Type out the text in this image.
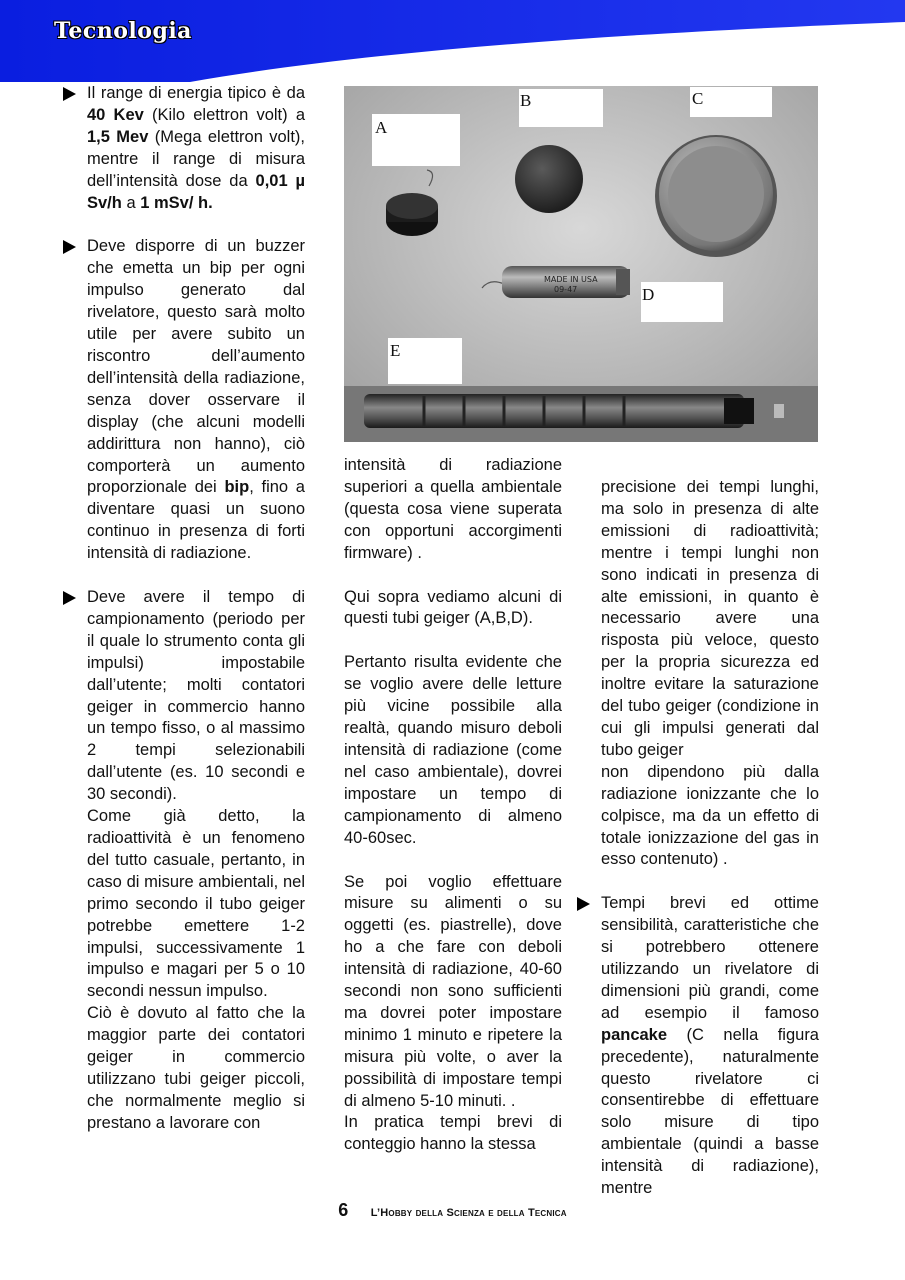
Tecnologia
Il range di energia tipico è da 40 Kev (Kilo elettron volt) a 1,5 Mev (Mega elettron volt), mentre il range di misura dell’intensità dose da 0,01 µ Sv/h a 1 mSv/ h.
Deve disporre di un buzzer che emetta un bip per ogni impulso generato dal rivelatore, questo sarà molto utile per avere subito un riscontro dell’aumento dell’intensità della radiazione, senza dover osservare il display (che alcuni modelli addirittura non hanno), ciò comporterà un aumento proporzionale dei bip, fino a diventare quasi un suono continuo in presenza di forti intensità di radiazione.

Deve avere il tempo di campionamento (periodo per il quale lo strumento conta gli impulsi) impostabile dall’utente; molti contatori geiger in commercio hanno un tempo fisso, o al massimo 2 tempi selezionabili dall’utente (es. 10 secondi e 30 secondi).

Come già detto, la radioattività è un fenomeno del tutto casuale, pertanto, in caso di misure ambientali, nel primo secondo il tubo geiger potrebbe emettere 1-2 impulsi, successivamente 1 impulso e magari per 5 o 10 secondi nessun impulso.

Ciò è dovuto al fatto che la maggior parte dei contatori geiger in commercio utilizzano tubi geiger piccoli, che normalmente meglio si prestano a lavorare con

A
B	C
D
E
MADE IN USA
09-47

intensità di radiazione superiori a quella ambientale (questa cosa viene superata con opportuni accorgimenti firmware) .

Qui sopra vediamo alcuni di questi tubi geiger (A,B,D).

Pertanto risulta evidente che se voglio avere delle letture più vicine possibile alla realtà, quando misuro deboli intensità di radiazione (come nel caso ambientale), dovrei impostare un tempo di campionamento di almeno 40-60sec.

Se poi voglio effettuare misure su alimenti o su oggetti (es. piastrelle), dove ho a che fare con deboli intensità di radiazione, 40-60 secondi non sono sufficienti ma dovrei poter impostare minimo 1 minuto e ripetere la misura più volte, o aver la possibilità di impostare tempi di almeno 5-10 minuti. .

In pratica tempi brevi di conteggio hanno la stessa

precisione dei tempi lunghi, ma solo in presenza di alte emissioni di radioattività; mentre i tempi lunghi non sono indicati in presenza di alte emissioni, in quanto è necessario avere una risposta più veloce, questo per la propria sicurezza ed inoltre evitare la saturazione del tubo geiger (condizione in cui gli impulsi generati dal tubo geiger

non dipendono più dalla radiazione ionizzante che lo colpisce, ma da un effetto di totale ionizzazione del gas in esso contenuto) .

Tempi brevi ed ottime sensibilità, caratteristiche che si potrebbero ottenere utilizzando un rivelatore di dimensioni più grandi, come ad esempio il famoso pancake (C nella figura precedente), naturalmente questo rivelatore ci consentirebbe di effettuare solo misure di tipo ambientale (quindi a basse intensità di radiazione), mentre
6 L’Hobby della Scienza e della Tecnica
